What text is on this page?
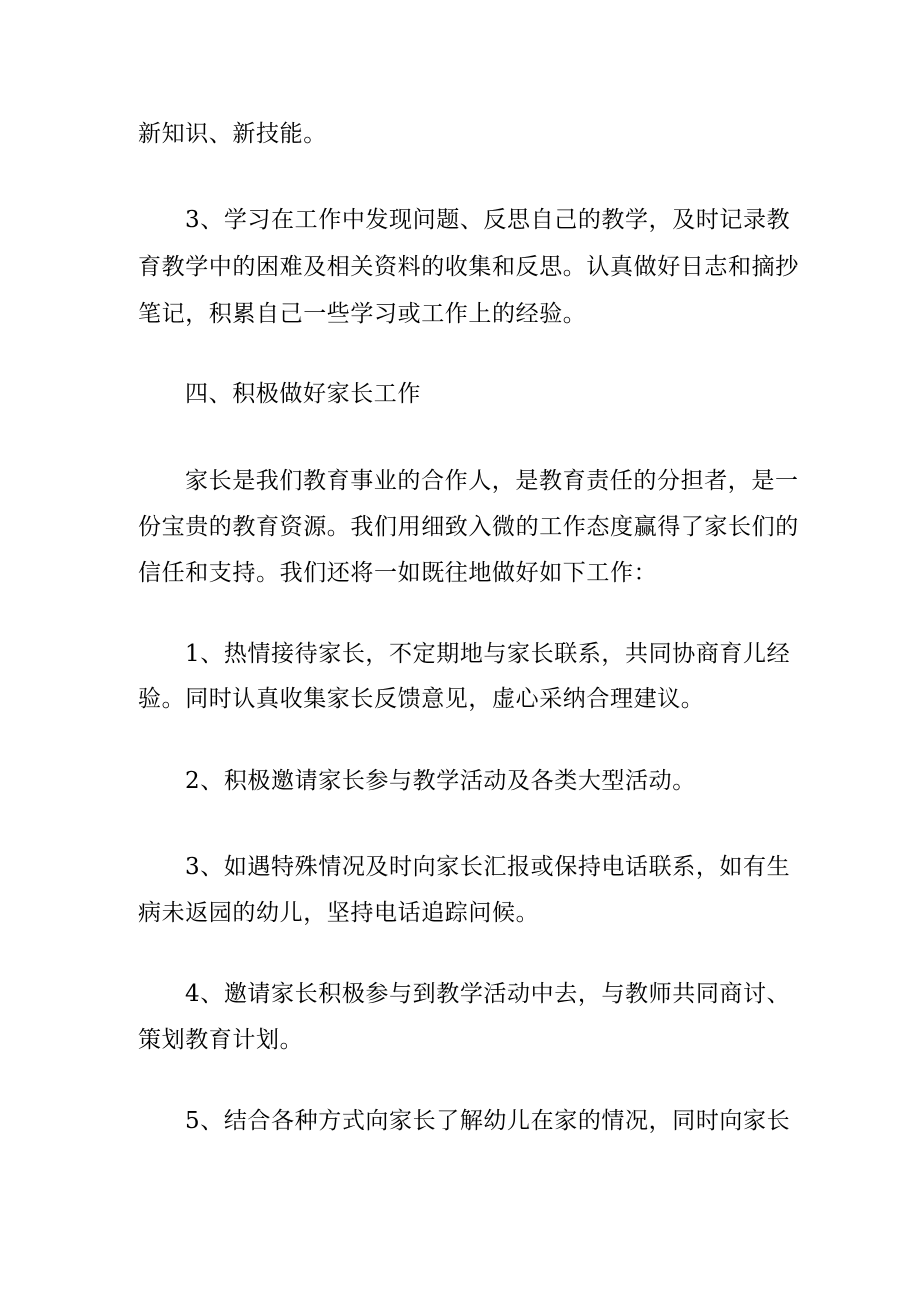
新知识、新技能。

3、学习在工作中发现问题、反思自己的教学，及时记录教

育教学中的困难及相关资料的收集和反思。认真做好日志和摘抄

笔记，积累自己一些学习或工作上的经验。

四、积极做好家长工作

家长是我们教育事业的合作人，是教育责任的分担者，是一

份宝贵的教育资源。我们用细致入微的工作态度赢得了家长们的

信任和支持。我们还将一如既往地做好如下工作：

1、热情接待家长，不定期地与家长联系，共同协商育儿经

验。同时认真收集家长反馈意见，虚心采纳合理建议。

2、积极邀请家长参与教学活动及各类大型活动。

3、如遇特殊情况及时向家长汇报或保持电话联系，如有生

病未返园的幼儿，坚持电话追踪问候。

4、邀请家长积极参与到教学活动中去，与教师共同商讨、

策划教育计划。

5、结合各种方式向家长了解幼儿在家的情况，同时向家长
